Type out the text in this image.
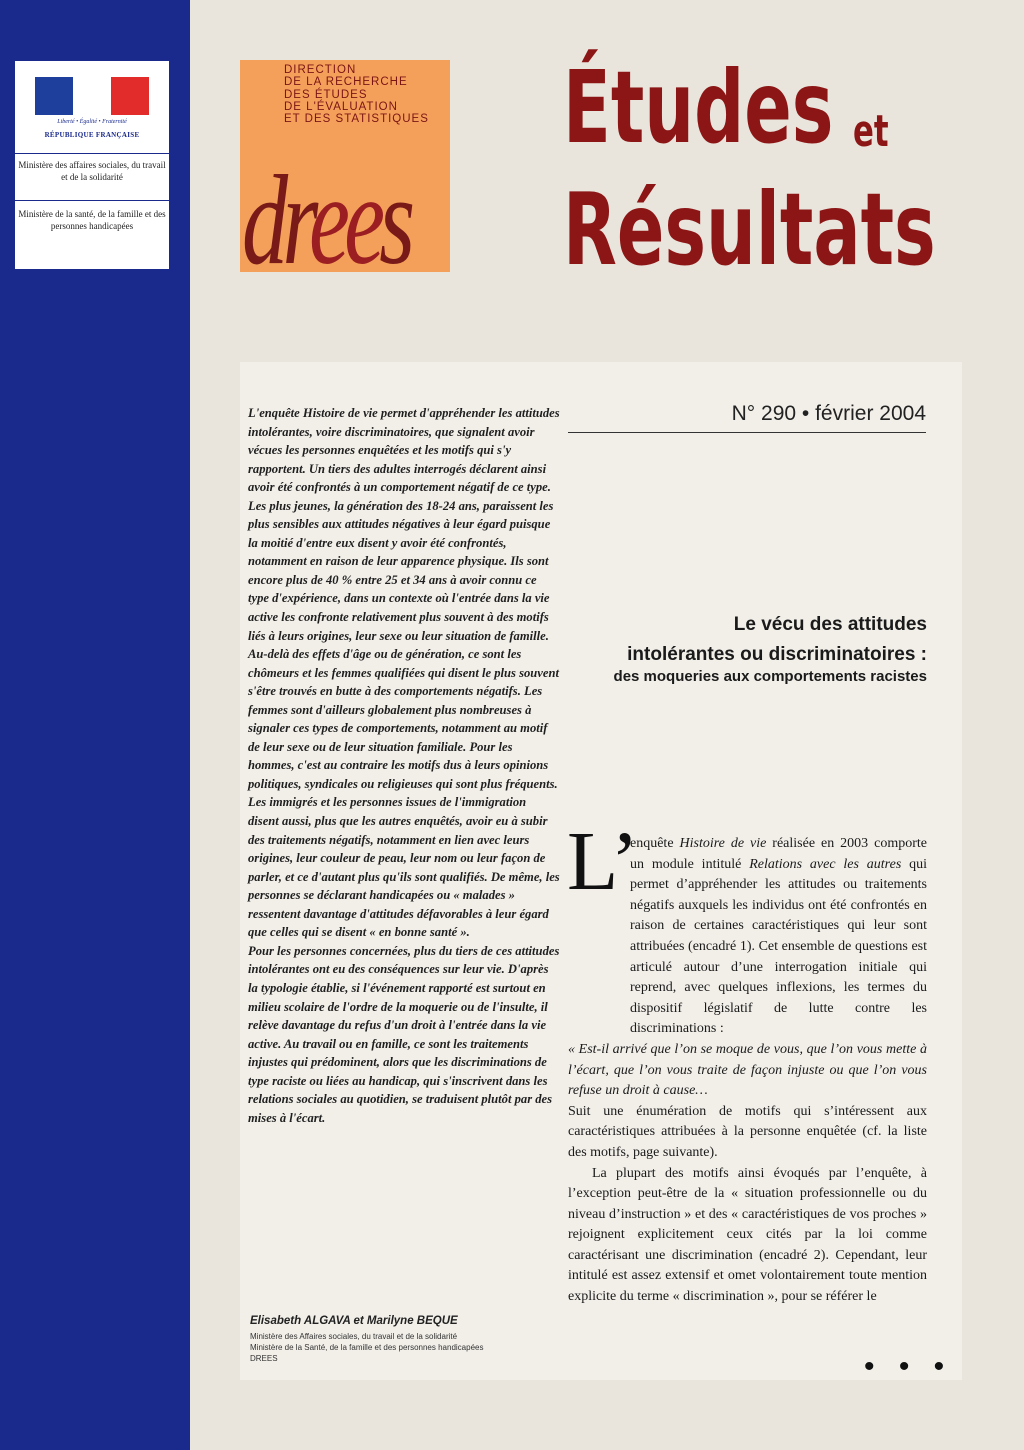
Liberté • Égalité • Fraternité
RÉPUBLIQUE FRANÇAISE
Ministère des affaires sociales, du travail et de la solidarité
Ministère de la santé, de la famille et des personnes handicapées
DIRECTION
DE LA RECHERCHE
DES ÉTUDES
DE L'ÉVALUATION
ET DES STATISTIQUES
drees
Études et
Résultats

L'enquête Histoire de vie permet d'appréhender les attitudes intolérantes, voire discriminatoires, que signalent avoir vécues les personnes enquêtées et les motifs qui s'y rapportent. Un tiers des adultes interrogés déclarent ainsi avoir été confrontés à un comportement négatif de ce type. Les plus jeunes, la génération des 18-24 ans, paraissent les plus sensibles aux attitudes négatives à leur égard puisque la moitié d'entre eux disent y avoir été confrontés, notamment en raison de leur apparence physique. Ils sont encore plus de 40 % entre 25 et 34 ans à avoir connu ce type d'expérience, dans un contexte où l'entrée dans la vie active les confronte relativement plus souvent à des motifs liés à leurs origines, leur sexe ou leur situation de famille.

Au-delà des effets d'âge ou de génération, ce sont les chômeurs et les femmes qualifiées qui disent le plus souvent s'être trouvés en butte à des comportements négatifs. Les femmes sont d'ailleurs globalement plus nombreuses à signaler ces types de comportements, notamment au motif de leur sexe ou de leur situation familiale. Pour les hommes, c'est au contraire les motifs dus à leurs opinions politiques, syndicales ou religieuses qui sont plus fréquents.

Les immigrés et les personnes issues de l'immigration disent aussi, plus que les autres enquêtés, avoir eu à subir des traitements négatifs, notamment en lien avec leurs origines, leur couleur de peau, leur nom ou leur façon de parler, et ce d'autant plus qu'ils sont qualifiés. De même, les personnes se déclarant handicapées ou « malades » ressentent davantage d'attitudes défavorables à leur égard que celles qui se disent « en bonne santé ».

Pour les personnes concernées, plus du tiers de ces attitudes intolérantes ont eu des conséquences sur leur vie. D'après la typologie établie, si l'événement rapporté est surtout en milieu scolaire de l'ordre de la moquerie ou de l'insulte, il relève davantage du refus d'un droit à l'entrée dans la vie active. Au travail ou en famille, ce sont les traitements injustes qui prédominent, alors que les discriminations de type raciste ou liées au handicap, qui s'inscrivent dans les relations sociales au quotidien, se traduisent plutôt par des mises à l'écart.

Elisabeth ALGAVA et Marilyne BEQUE
Ministère des Affaires sociales, du travail et de la solidarité
Ministère de la Santé, de la famille et des personnes handicapées
DREES
N° 290 • février 2004
Le vécu des attitudes
intolérantes ou discriminatoires :
des moqueries aux comportements racistes
L’

enquête Histoire de vie réalisée en 2003 comporte un module intitulé Relations avec les autres qui permet d’appréhender les attitudes ou traitements négatifs auxquels les individus ont été confrontés en raison de certaines caractéristiques qui leur sont attribuées (encadré 1). Cet ensemble de questions est articulé autour d’une interrogation initiale qui reprend, avec quelques inflexions, les termes du dispositif législatif de lutte contre les discriminations :

« Est-il arrivé que l’on se moque de vous, que l’on vous mette à l’écart, que l’on vous traite de façon injuste ou que l’on vous refuse un droit à cause…

Suit une énumération de motifs qui s’intéressent aux caractéristiques attribuées à la personne enquêtée (cf. la liste des motifs, page suivante).

La plupart des motifs ainsi évoqués par l’enquête, à l’exception peut-être de la « situation professionnelle ou du niveau d’instruction » et des « caractéristiques de vos proches » rejoignent explicitement ceux cités par la loi comme caractérisant une discrimination (encadré 2). Cependant, leur intitulé est assez extensif et omet volontairement toute mention explicite du terme « discrimination », pour se référer le

• • •
